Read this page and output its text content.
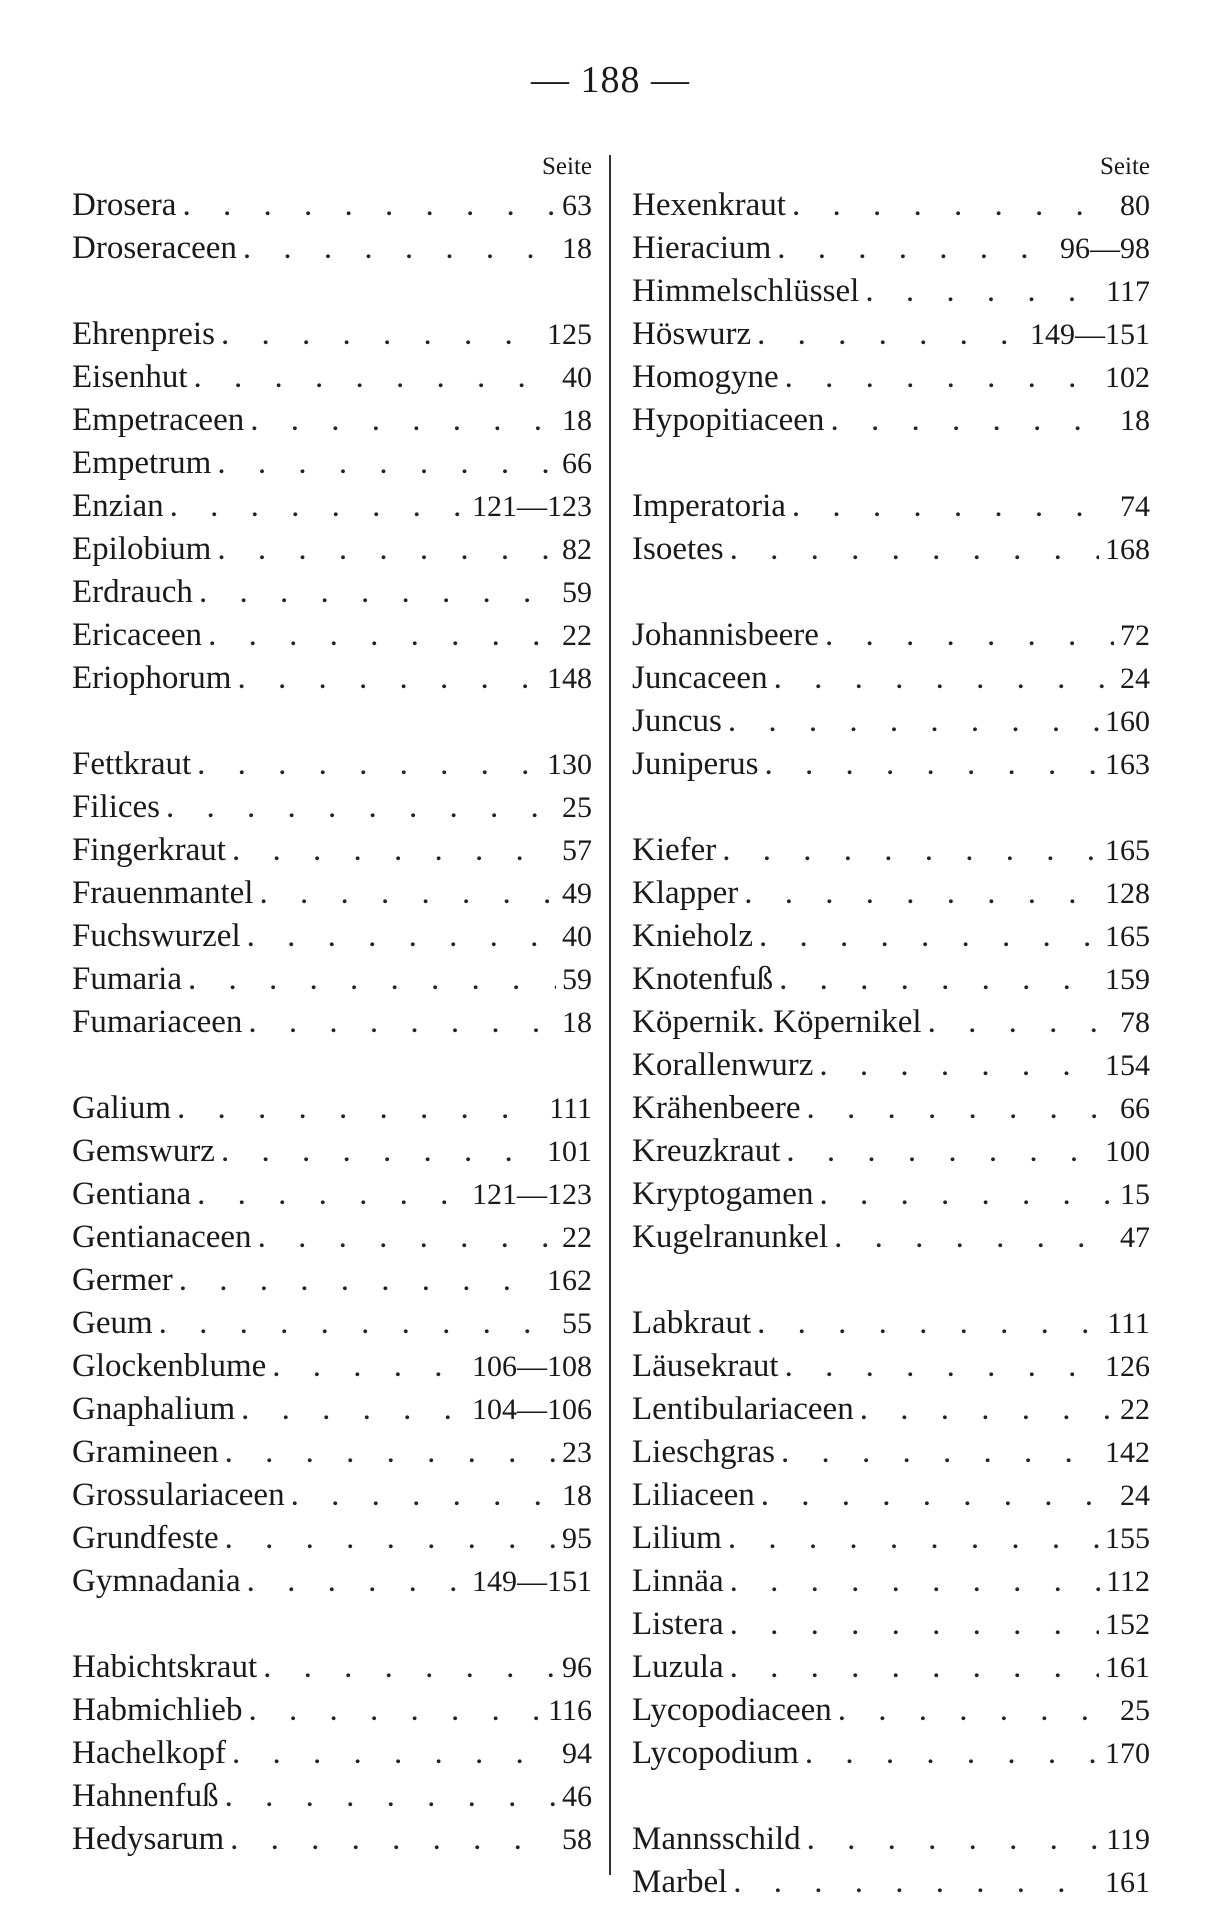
— 188 —
Seite
Drosera . . .	63
Droseraceen . . .	18
Ehrenpreis . . .	125
Eisenhut . . .	40
Empetraceen . . .	18
Empetrum . . .	66
Enzian . . .	121—123
Epilobium . . .	82
Erdrauch . . .	59
Ericaceen . . .	22
Eriophorum . . .	148
Fettkraut . . .	130
Filices . . .	25
Fingerkraut . . .	57
Frauenmantel . . .	49
Fuchswurzel . . .	40
Fumaria . . .	59
Fumariaceen . . .	18
Galium . . .	111
Gemswurz . . .	101
Gentiana . . .	121—123
Gentianaceen . . .	22
Germer . . .	162
Geum . . .	55
Glockenblume . . .	106—108
Gnaphalium . . .	104—106
Gramineen . . .	23
Grossulariaceen . . .	18
Grundfeste . . .	95
Gymnadania . . .	149—151
Habichtskraut . . .	96
Habmichlieb . . .	116
Hachelkopf . . .	94
Hahnenfuß . . .	46
Hedysarum . . .	58
Seite
Hexenkraut . . .	80
Hieracium . . .	96—98
Himmelschlüssel . . .	117
Höswurz . . .	149—151
Homogyne . . .	102
Hypopitiaceen . . .	18
Imperatoria . . .	74
Isoetes . . .	168
Johannisbeere . . .	72
Juncaceen . . .	24
Juncus . . .	160
Juniperus . . .	163
Kiefer . . .	165
Klapper . . .	128
Knieholz . . .	165
Knotenfuß . . .	159
Köpernik. Köpernikel . . .	78
Korallenwurz . . .	154
Krähenbeere . . .	66
Kreuzkraut . . .	100
Kryptogamen . . .	15
Kugelranunkel . . .	47
Labkraut . . .	111
Läusekraut . . .	126
Lentibulariaceen . . .	22
Lieschgras . . .	142
Liliaceen . . .	24
Lilium . . .	155
Linnäa . . .	112
Listera . . .	152
Luzula . . .	161
Lycopodiaceen . . .	25
Lycopodium . . .	170
Mannsschild . . .	119
Marbel . . .	161
